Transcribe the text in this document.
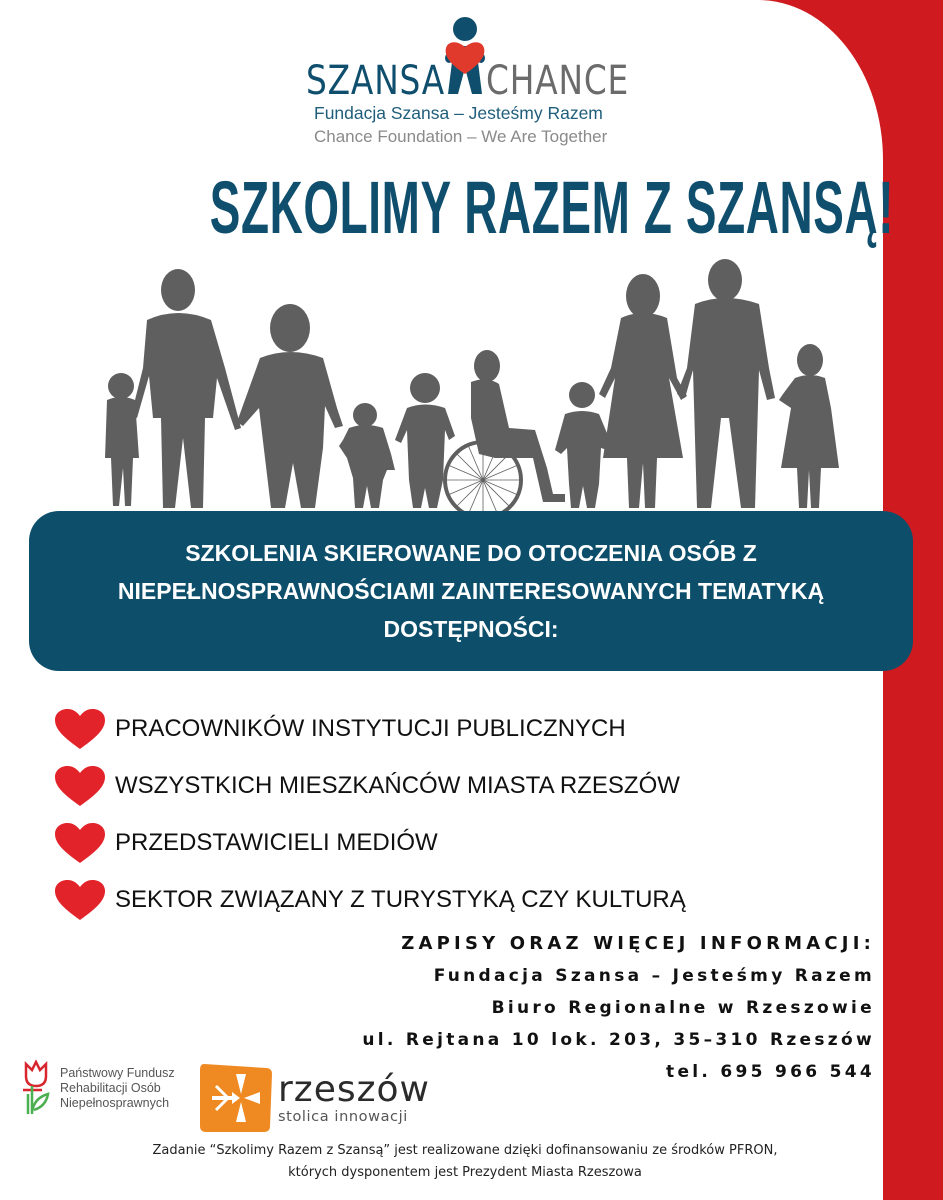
SZANSA CHANCE
Fundacja Szansa – Jesteśmy Razem
Chance Foundation – We Are Together
SZKOLIMY RAZEM Z SZANSĄ!
SZKOLENIA SKIEROWANE DO OTOCZENIA OSÓB Z NIEPEŁNOSPRAWNOŚCIAMI ZAINTERESOWANYCH TEMATYKĄ DOSTĘPNOŚCI:
PRACOWNIKÓW INSTYTUCJI PUBLICZNYCH
WSZYSTKICH MIESZKAŃCÓW MIASTA RZESZÓW
PRZEDSTAWICIELI MEDIÓW
SEKTOR ZWIĄZANY Z TURYSTYKĄ CZY KULTURĄ
ZAPISY ORAZ WIĘCEJ INFORMACJI:
Fundacja Szansa – Jesteśmy Razem
Biuro Regionalne w Rzeszowie
ul. Rejtana 10 lok. 203, 35–310 Rzeszów
tel. 695 966 544
Państwowy Fundusz
Rehabilitacji Osób
Niepełnosprawnych	rzeszów
stolica innowacji
Zadanie “Szkolimy Razem z Szansą” jest realizowane dzięki dofinansowaniu ze środków PFRON,
których dysponentem jest Prezydent Miasta Rzeszowa
